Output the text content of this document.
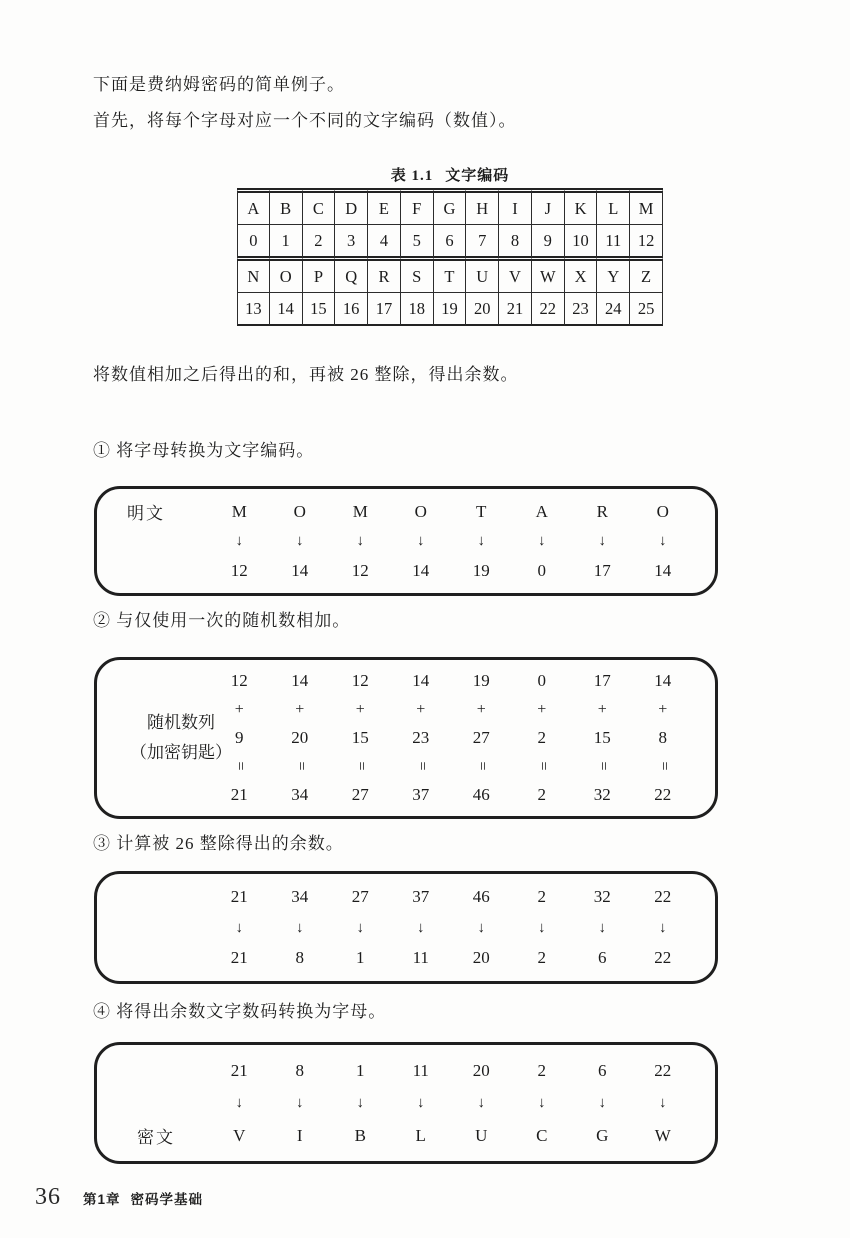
下面是费纳姆密码的简单例子。

首先，将每个字母对应一个不同的文字编码（数值）。

表 1.1 文字编码
A	B	C	D	E	F	G	H	I	J	K	L	M
0	1	2	3	4	5	6	7	8	9	10	11	12
N	O	P	Q	R	S	T	U	V	W	X	Y	Z
13	14	15	16	17	18	19	20	21	22	23	24	25

将数值相加之后得出的和，再被 26 整除，得出余数。

① 将字母转换为文字编码。

明文	M	O	M	O	T	A	R	O
↓	↓	↓	↓	↓	↓	↓	↓
12	14	12	14	19	0	17	14

② 与仅使用一次的随机数相加。

随机数列
（加密钥匙）
12	14	12	14	19	0	17	14
+	+	+	+	+	+	+	+
9	20	15	23	27	2	15	8
=	=	=	=	=	=	=	=
21	34	27	37	46	2	32	22

③ 计算被 26 整除得出的余数。

21	34	27	37	46	2	32	22
↓	↓	↓	↓	↓	↓	↓	↓
21	8	1	11	20	2	6	22

④ 将得出余数文字数码转换为字母。

21	8	1	11	20	2	6	22
↓	↓	↓	↓	↓	↓	↓	↓
密文	V	I	B	L	U	C	G	W
36 第1章 密码学基础
